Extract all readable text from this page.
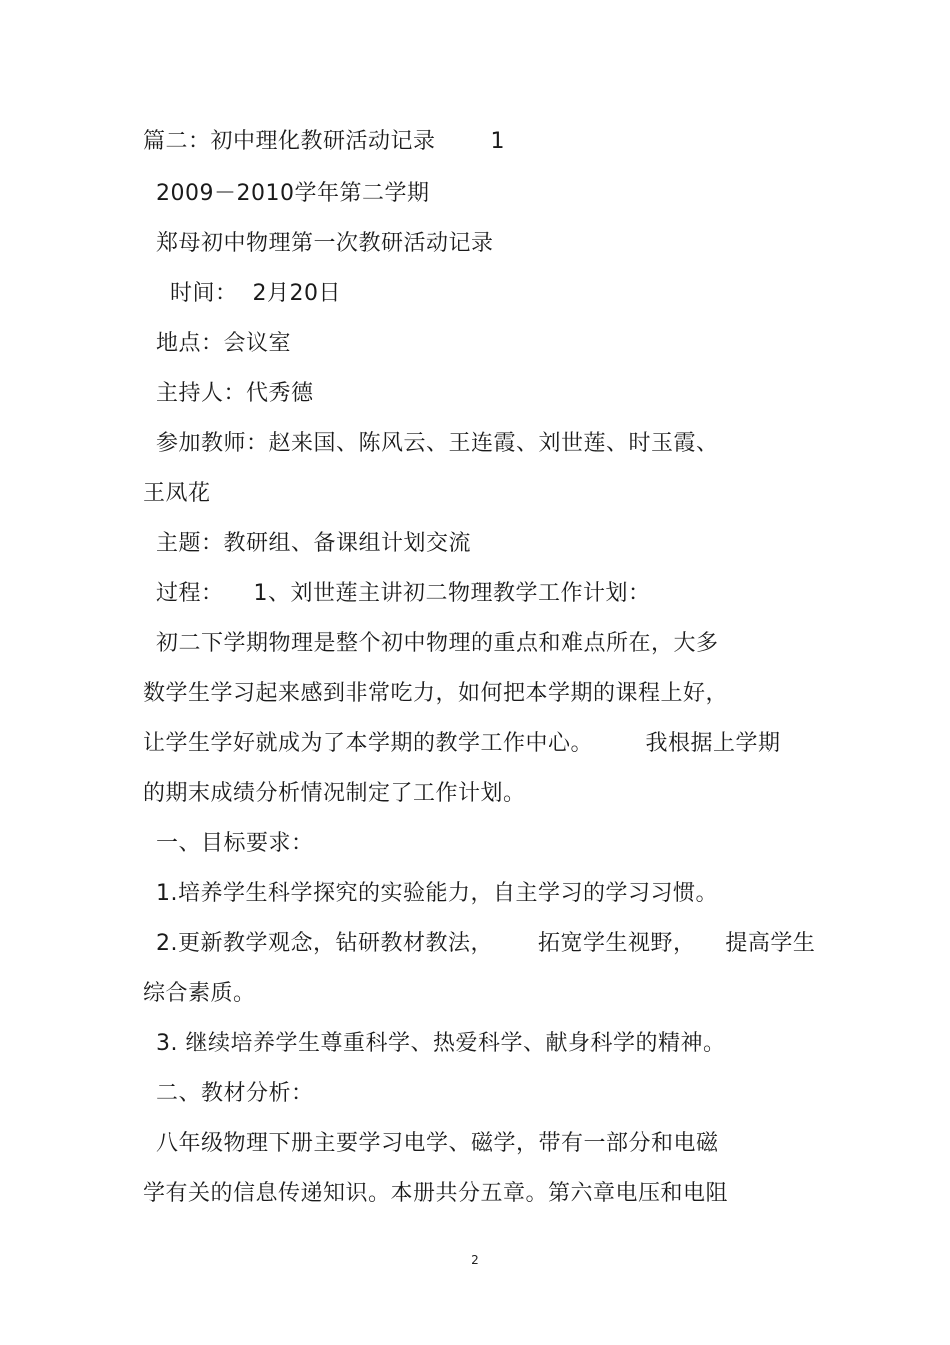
篇二：初中理化教研活动记录	1
2009－2010学年第二学期
郑母初中物理第一次教研活动记录
时间：  2月20日
地点：会议室
主持人：代秀德
参加教师：赵来国、陈风云、王连霞、刘世莲、时玉霞、
王凤花
主题：教研组、备课组计划交流
过程：    1、刘世莲主讲初二物理教学工作计划：
初二下学期物理是整个初中物理的重点和难点所在，大多
数学生学习起来感到非常吃力，如何把本学期的课程上好，
让学生学好就成为了本学期的教学工作中心。       我根据上学期
的期末成绩分析情况制定了工作计划。
一、目标要求：
1.培养学生科学探究的实验能力，自主学习的学习习惯。
2.更新教学观念，钻研教材教法，      拓宽学生视野，    提高学生
综合素质。
3. 继续培养学生尊重科学、热爱科学、献身科学的精神。
二、教材分析：
八年级物理下册主要学习电学、磁学，带有一部分和电磁
学有关的信息传递知识。本册共分五章。第六章电压和电阻
2
